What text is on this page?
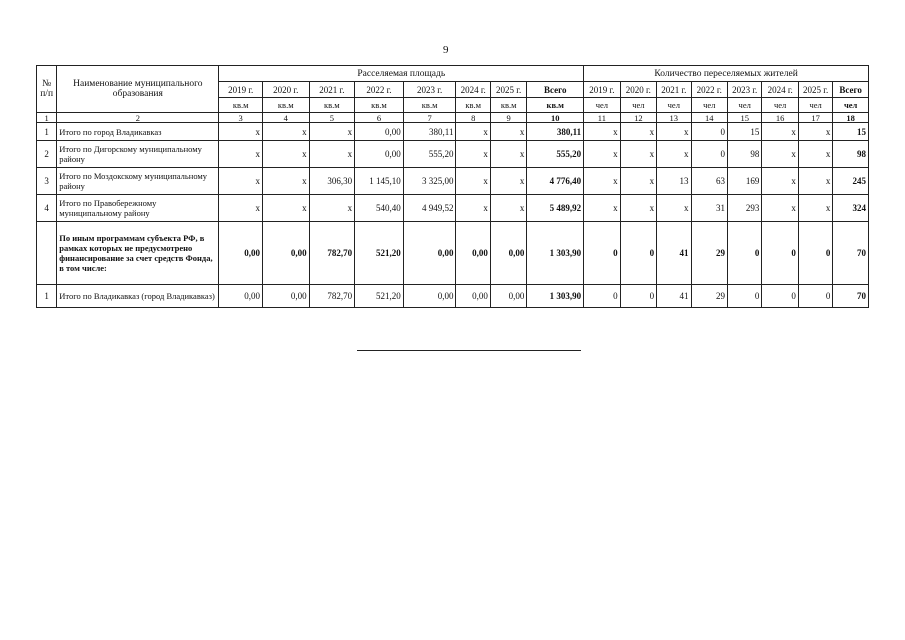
9
№ п/п	Наименование муниципального образования	Расселяемая площадь								Количество переселяемых жителей							
		2019 г.	2020 г.	2021 г.	2022 г.	2023 г.	2024 г.	2025 г.	Всего	2019 г.	2020 г.	2021 г.	2022 г.	2023 г.	2024 г.	2025 г.	Всего
		кв.м	кв.м	кв.м	кв.м	кв.м	кв.м	кв.м	кв.м	чел	чел	чел	чел	чел	чел	чел	чел
1	2	3	4	5	6	7	8	9	10	11	12	13	14	15	16	17	18
1	Итого по город Владикавказ	x	x	x	0,00	380,11	x	x	380,11	x	x	x	0	15	x	x	15
2	Итого по Дигорскому муниципальному району	x	x	x	0,00	555,20	x	x	555,20	x	x	x	0	98	x	x	98
3	Итого по Моздокскому муниципальному району	x	x	306,30	1 145,10	3 325,00	x	x	4 776,40	x	x	13	63	169	x	x	245
4	Итого по Правобережному муниципальному району	x	x	x	540,40	4 949,52	x	x	5 489,92	x	x	x	31	293	x	x	324
	По иным программам субъекта РФ, в рамках которых не предусмотрено финансирование за счет средств Фонда, в том числе:	0,00	0,00	782,70	521,20	0,00	0,00	0,00	1 303,90	0	0	41	29	0	0	0	70
1	Итого по Владикавказ (город Владикавказ)	0,00	0,00	782,70	521,20	0,00	0,00	0,00	1 303,90	0	0	41	29	0	0	0	70
